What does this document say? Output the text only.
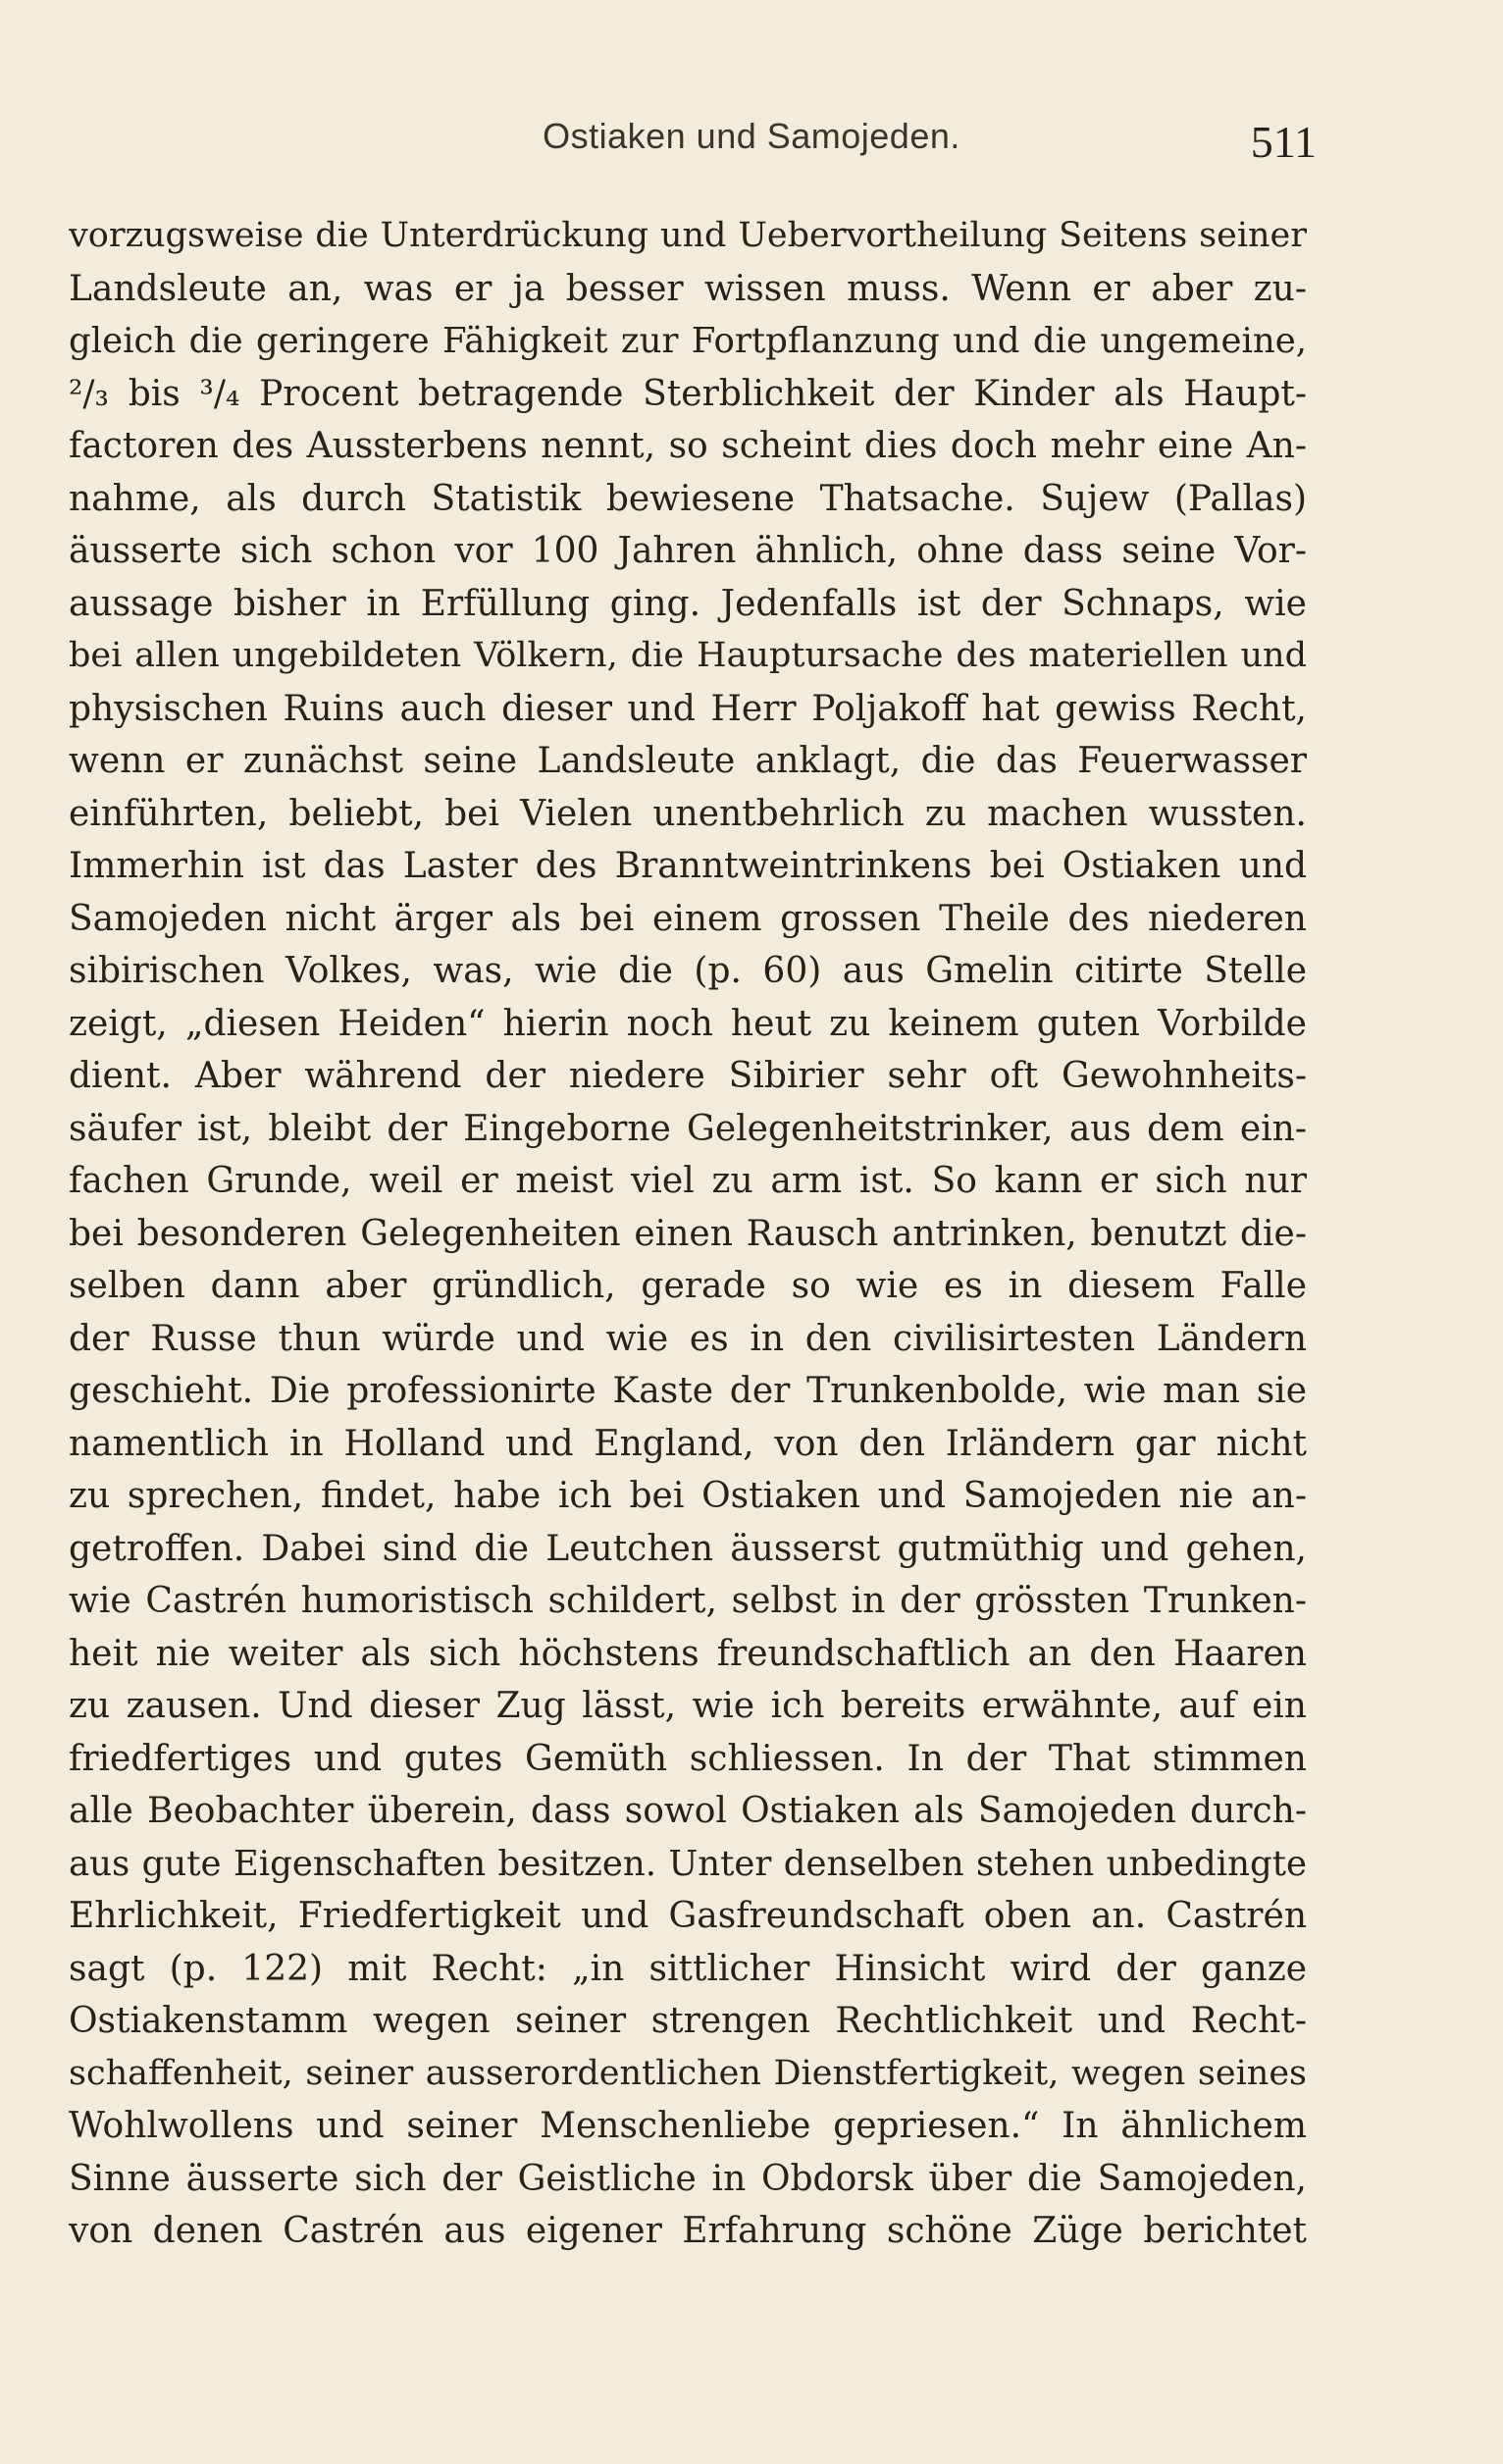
Ostiaken und Samojeden.	511
vorzugsweise die Unterdrückung und Uebervortheilung Seitens seiner
Landsleute an, was er ja besser wissen muss. Wenn er aber zu-
gleich die geringere Fähigkeit zur Fortpflanzung und die ungemeine,
²/₃ bis ³/₄ Procent betragende Sterblichkeit der Kinder als Haupt-
factoren des Aussterbens nennt, so scheint dies doch mehr eine An-
nahme, als durch Statistik bewiesene Thatsache. Sujew (Pallas)
äusserte sich schon vor 100 Jahren ähnlich, ohne dass seine Vor-
aussage bisher in Erfüllung ging. Jedenfalls ist der Schnaps, wie
bei allen ungebildeten Völkern, die Hauptursache des materiellen und
physischen Ruins auch dieser und Herr Poljakoff hat gewiss Recht,
wenn er zunächst seine Landsleute anklagt, die das Feuerwasser
einführten, beliebt, bei Vielen unentbehrlich zu machen wussten.
Immerhin ist das Laster des Branntweintrinkens bei Ostiaken und
Samojeden nicht ärger als bei einem grossen Theile des niederen
sibirischen Volkes, was, wie die (p. 60) aus Gmelin citirte Stelle
zeigt, „diesen Heiden“ hierin noch heut zu keinem guten Vorbilde
dient. Aber während der niedere Sibirier sehr oft Gewohnheits-
säufer ist, bleibt der Eingeborne Gelegenheitstrinker, aus dem ein-
fachen Grunde, weil er meist viel zu arm ist. So kann er sich nur
bei besonderen Gelegenheiten einen Rausch antrinken, benutzt die-
selben dann aber gründlich, gerade so wie es in diesem Falle
der Russe thun würde und wie es in den civilisirtesten Ländern
geschieht. Die professionirte Kaste der Trunkenbolde, wie man sie
namentlich in Holland und England, von den Irländern gar nicht
zu sprechen, findet, habe ich bei Ostiaken und Samojeden nie an-
getroffen. Dabei sind die Leutchen äusserst gutmüthig und gehen,
wie Castrén humoristisch schildert, selbst in der grössten Trunken-
heit nie weiter als sich höchstens freundschaftlich an den Haaren
zu zausen. Und dieser Zug lässt, wie ich bereits erwähnte, auf ein
friedfertiges und gutes Gemüth schliessen. In der That stimmen
alle Beobachter überein, dass sowol Ostiaken als Samojeden durch-
aus gute Eigenschaften besitzen. Unter denselben stehen unbedingte
Ehrlichkeit, Friedfertigkeit und Gasfreundschaft oben an. Castrén
sagt (p. 122) mit Recht: „in sittlicher Hinsicht wird der ganze
Ostiakenstamm wegen seiner strengen Rechtlichkeit und Recht-
schaffenheit, seiner ausserordentlichen Dienstfertigkeit, wegen seines
Wohlwollens und seiner Menschenliebe gepriesen.“ In ähnlichem
Sinne äusserte sich der Geistliche in Obdorsk über die Samojeden,
von denen Castrén aus eigener Erfahrung schöne Züge berichtet
